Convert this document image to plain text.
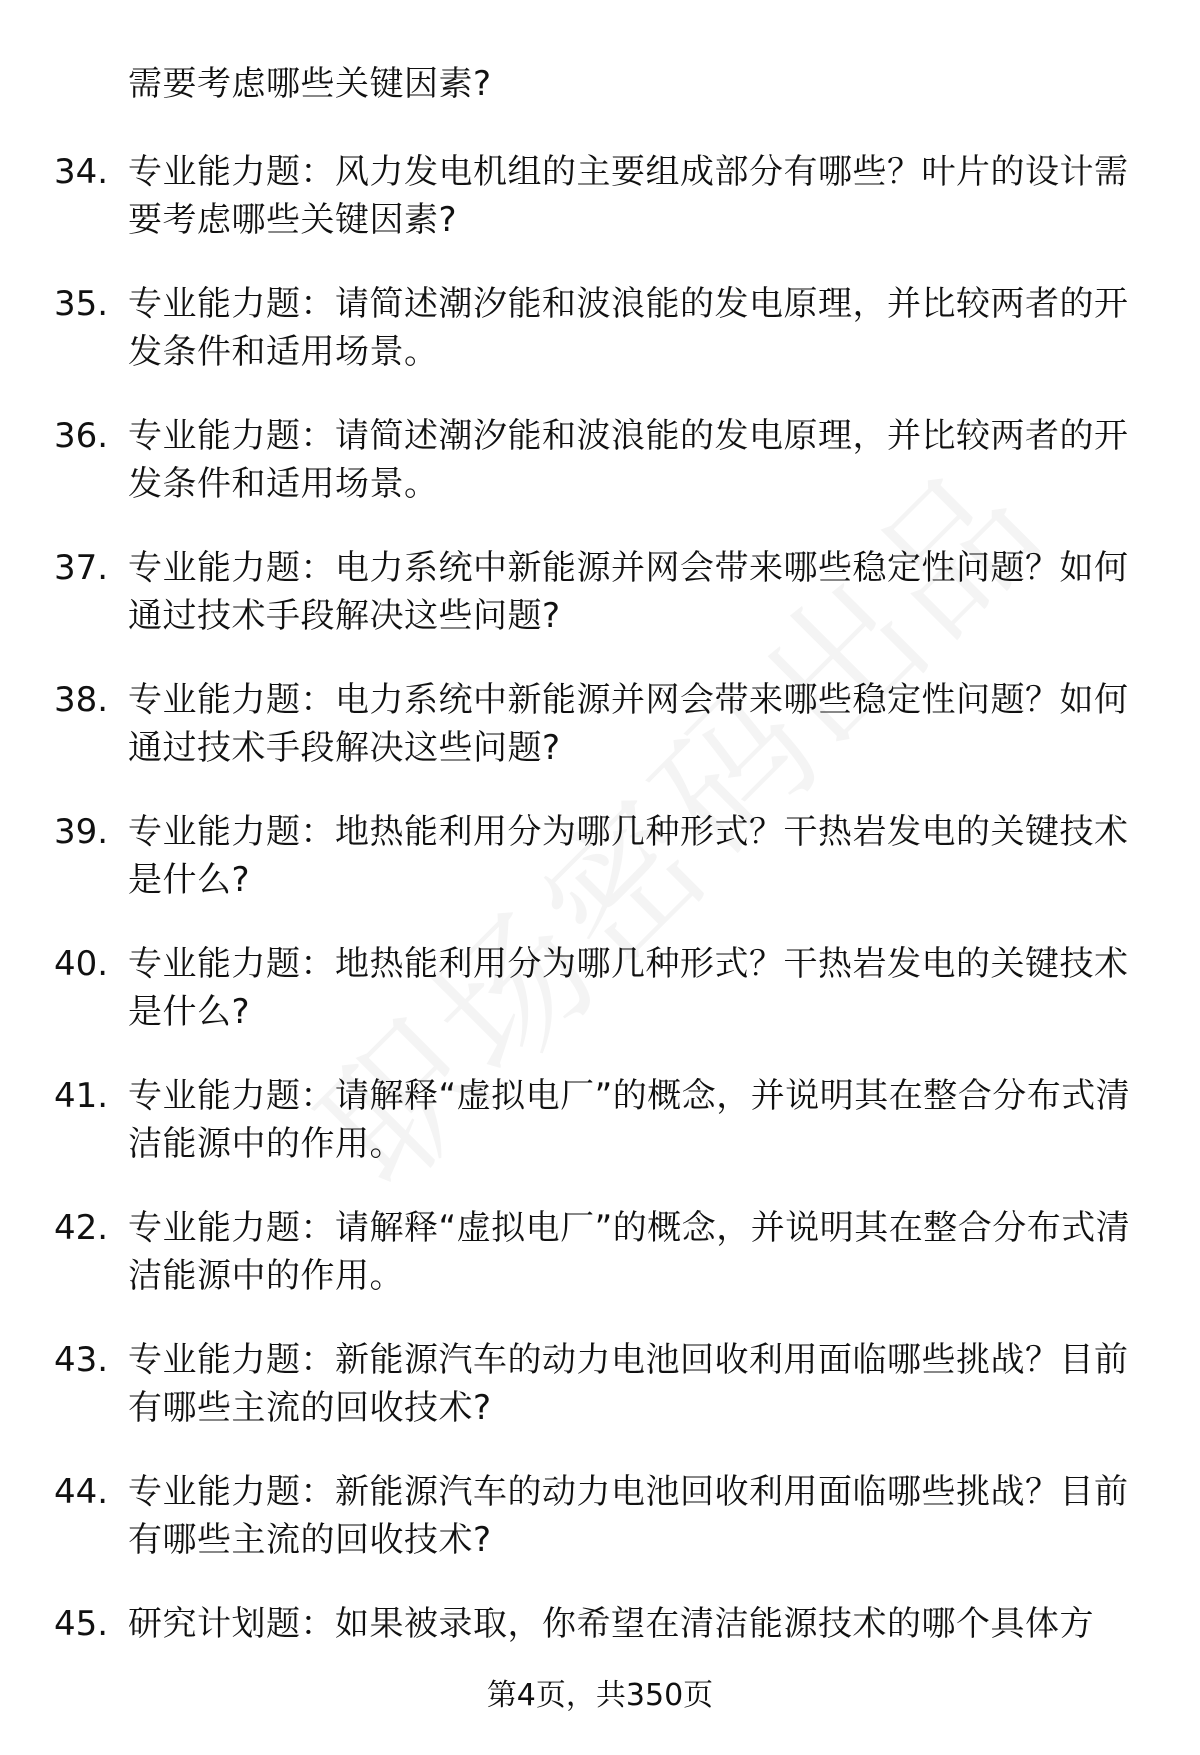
需要考虑哪些关键因素?
34. 专业能力题：风力发电机组的主要组成部分有哪些？叶片的设计需要考虑哪些关键因素?
35. 专业能力题：请简述潮汐能和波浪能的发电原理，并比较两者的开发条件和适用场景。
36. 专业能力题：请简述潮汐能和波浪能的发电原理，并比较两者的开发条件和适用场景。
37. 专业能力题：电力系统中新能源并网会带来哪些稳定性问题？如何通过技术手段解决这些问题?
38. 专业能力题：电力系统中新能源并网会带来哪些稳定性问题？如何通过技术手段解决这些问题?
39. 专业能力题：地热能利用分为哪几种形式？干热岩发电的关键技术是什么?
40. 专业能力题：地热能利用分为哪几种形式？干热岩发电的关键技术是什么?
41. 专业能力题：请解释“虚拟电厂”的概念，并说明其在整合分布式清洁能源中的作用。
42. 专业能力题：请解释“虚拟电厂”的概念，并说明其在整合分布式清洁能源中的作用。
43. 专业能力题：新能源汽车的动力电池回收利用面临哪些挑战？目前有哪些主流的回收技术?
44. 专业能力题：新能源汽车的动力电池回收利用面临哪些挑战？目前有哪些主流的回收技术?
45. 研究计划题：如果被录取，你希望在清洁能源技术的哪个具体方
第4页，共350页
